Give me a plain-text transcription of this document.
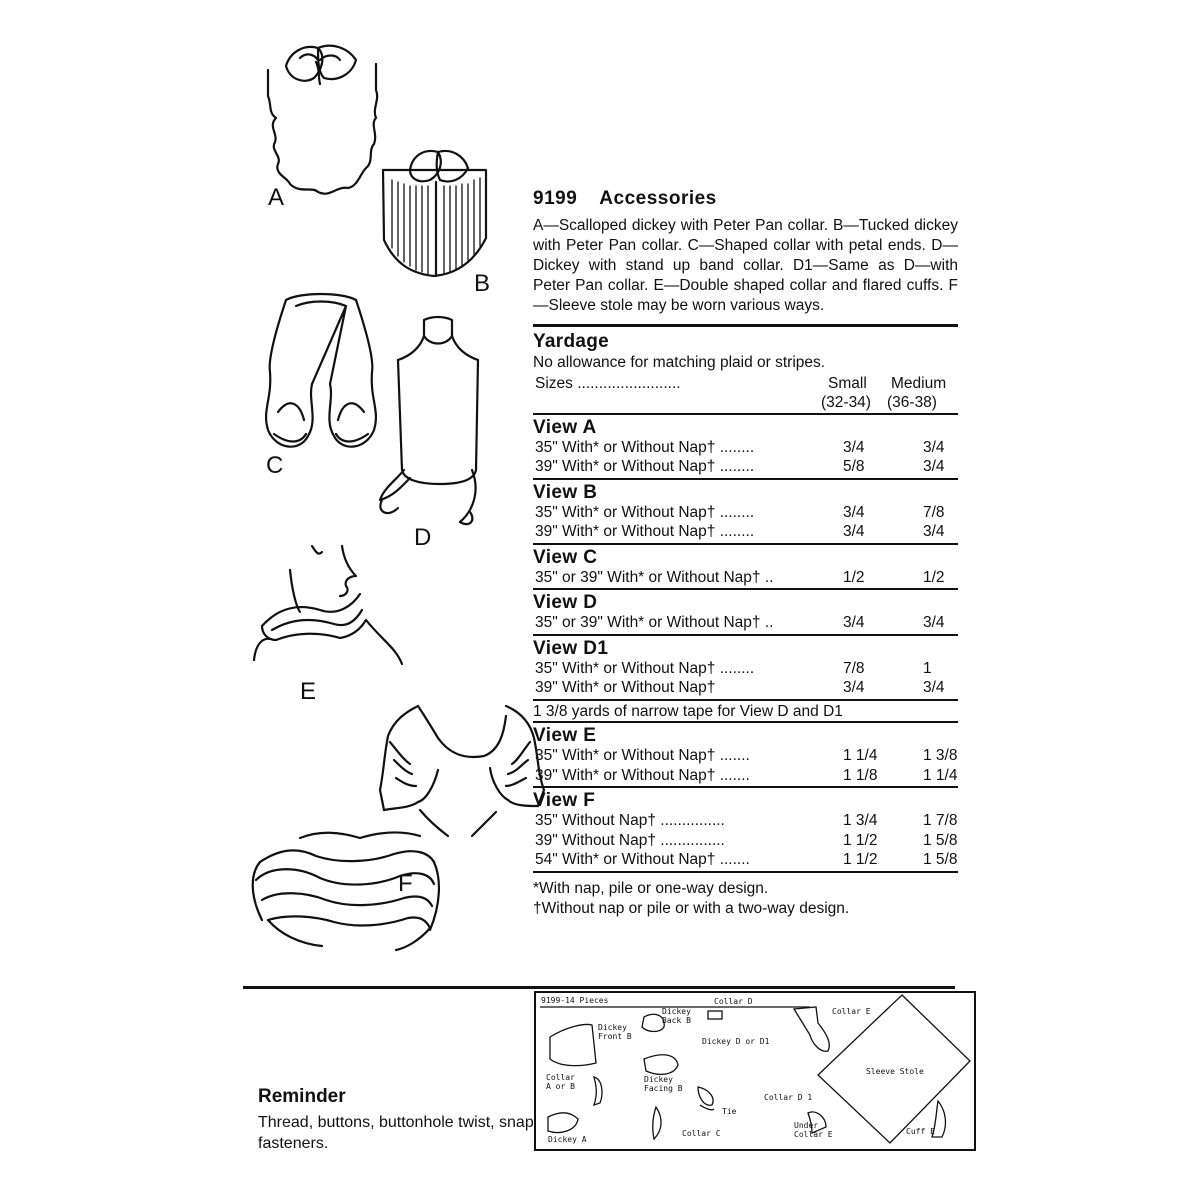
A
B
C
D
E
F
9199 Accessories
A—Scalloped dickey with Peter Pan collar. B—Tucked dickey with Peter Pan collar. C—Shaped collar with petal ends. D—Dickey with stand up band collar. D1—Same as D—with Peter Pan collar. E—Double shaped collar and flared cuffs. F—Sleeve stole may be worn various ways.
Yardage
No allowance for matching plaid or stripes.
Sizes ........................	Small Medium
(32-34) (36-38)
View A
35" With* or Without Nap† ........	3/4	3/4
39" With* or Without Nap† ........	5/8	3/4
View B
35" With* or Without Nap† ........	3/4	7/8
39" With* or Without Nap† ........	3/4	3/4
View C
35" or 39" With* or Without Nap† ..	1/2	1/2
View D
35" or 39" With* or Without Nap† ..	3/4	3/4
View D1
35" With* or Without Nap† ........	7/8	1
39" With* or Without Nap†	3/4	3/4
1 3/8 yards of narrow tape for View D and D1
View E
35" With* or Without Nap† .......	1 1/4	1 3/8
39" With* or Without Nap† .......	1 1/8	1 1/4
View F
35" Without Nap† ...............	1 3/4	1 7/8
39" Without Nap† ...............	1 1/2	1 5/8
54" With* or Without Nap† .......	1 1/2	1 5/8
*With nap, pile or one-way design.
†Without nap or pile or with a two-way design.
Reminder
Thread, buttons, buttonhole twist, snap fasteners.
9199-14 Pieces
Dickey Front B
Dickey Back B
Collar D
Collar E
Dickey D or D1
Collar A or B
Dickey Facing B
Sleeve Stole
Tie
Collar D 1
Under Collar E
Dickey A
Collar C	Cuff E
